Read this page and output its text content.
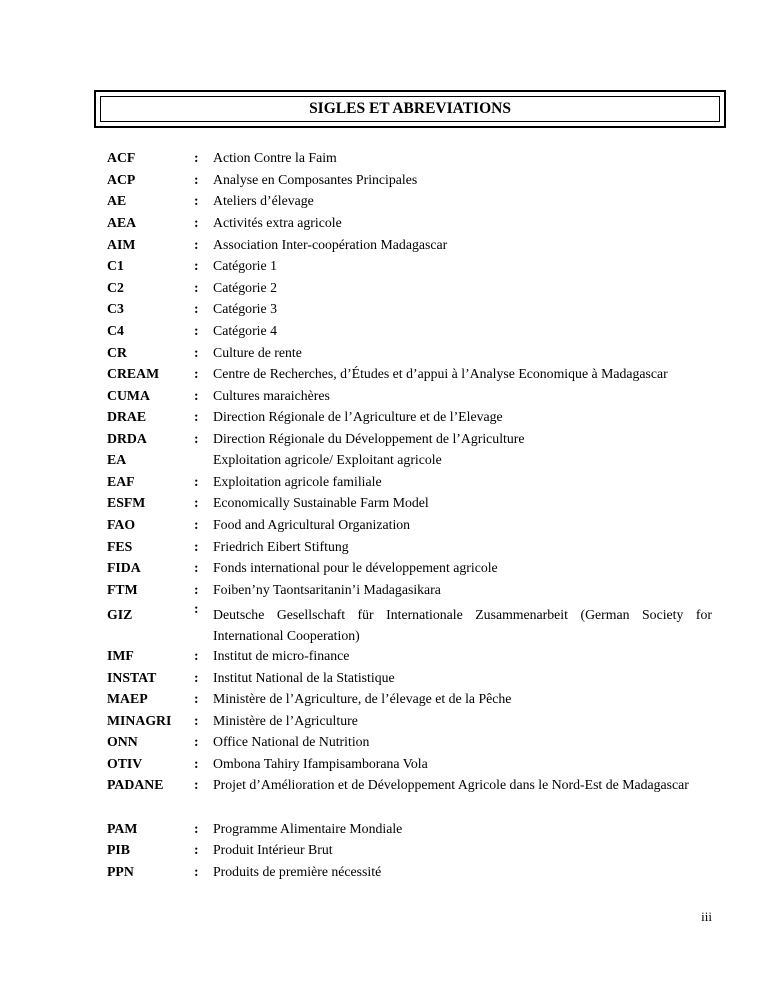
SIGLES ET ABREVIATIONS
ACF	: Action Contre la Faim
ACP	: Analyse en Composantes Principales
AE	: Ateliers d’élevage
AEA	: Activités extra agricole
AIM	: Association Inter-coopération Madagascar
C1	: Catégorie 1
C2	: Catégorie 2
C3	: Catégorie 3
C4	: Catégorie 4
CR	: Culture de rente
CREAM	: Centre de Recherches, d’Études et d’appui à l’Analyse Economique à Madagascar
CUMA	: Cultures maraichères
DRAE	: Direction Régionale de l’Agriculture et de l’Elevage
DRDA	: Direction Régionale du Développement de l’Agriculture
EA	Exploitation agricole/ Exploitant agricole
EAF	: Exploitation agricole familiale
ESFM	: Economically Sustainable Farm Model
FAO	: Food and Agricultural Organization
FES	: Friedrich Eibert Stiftung
FIDA	: Fonds international pour le développement agricole
FTM	: Foiben’ny Taontsaritanin’i Madagasikara
GIZ	: Deutsche Gesellschaft für Internationale Zusammenarbeit (German Society for International Cooperation)
IMF	: Institut de micro-finance
INSTAT	: Institut National de la Statistique
MAEP	: Ministère de l’Agriculture, de l’élevage et de la Pêche
MINAGRI : Ministère de l’Agriculture
ONN	: Office National de Nutrition
OTIV	: Ombona Tahiry Ifampisamborana Vola
PADANE : Projet d’Amélioration et de Développement Agricole dans le Nord-Est de Madagascar
PAM	: Programme Alimentaire Mondiale
PIB	: Produit Intérieur Brut
PPN	: Produits de première nécessité
iii
